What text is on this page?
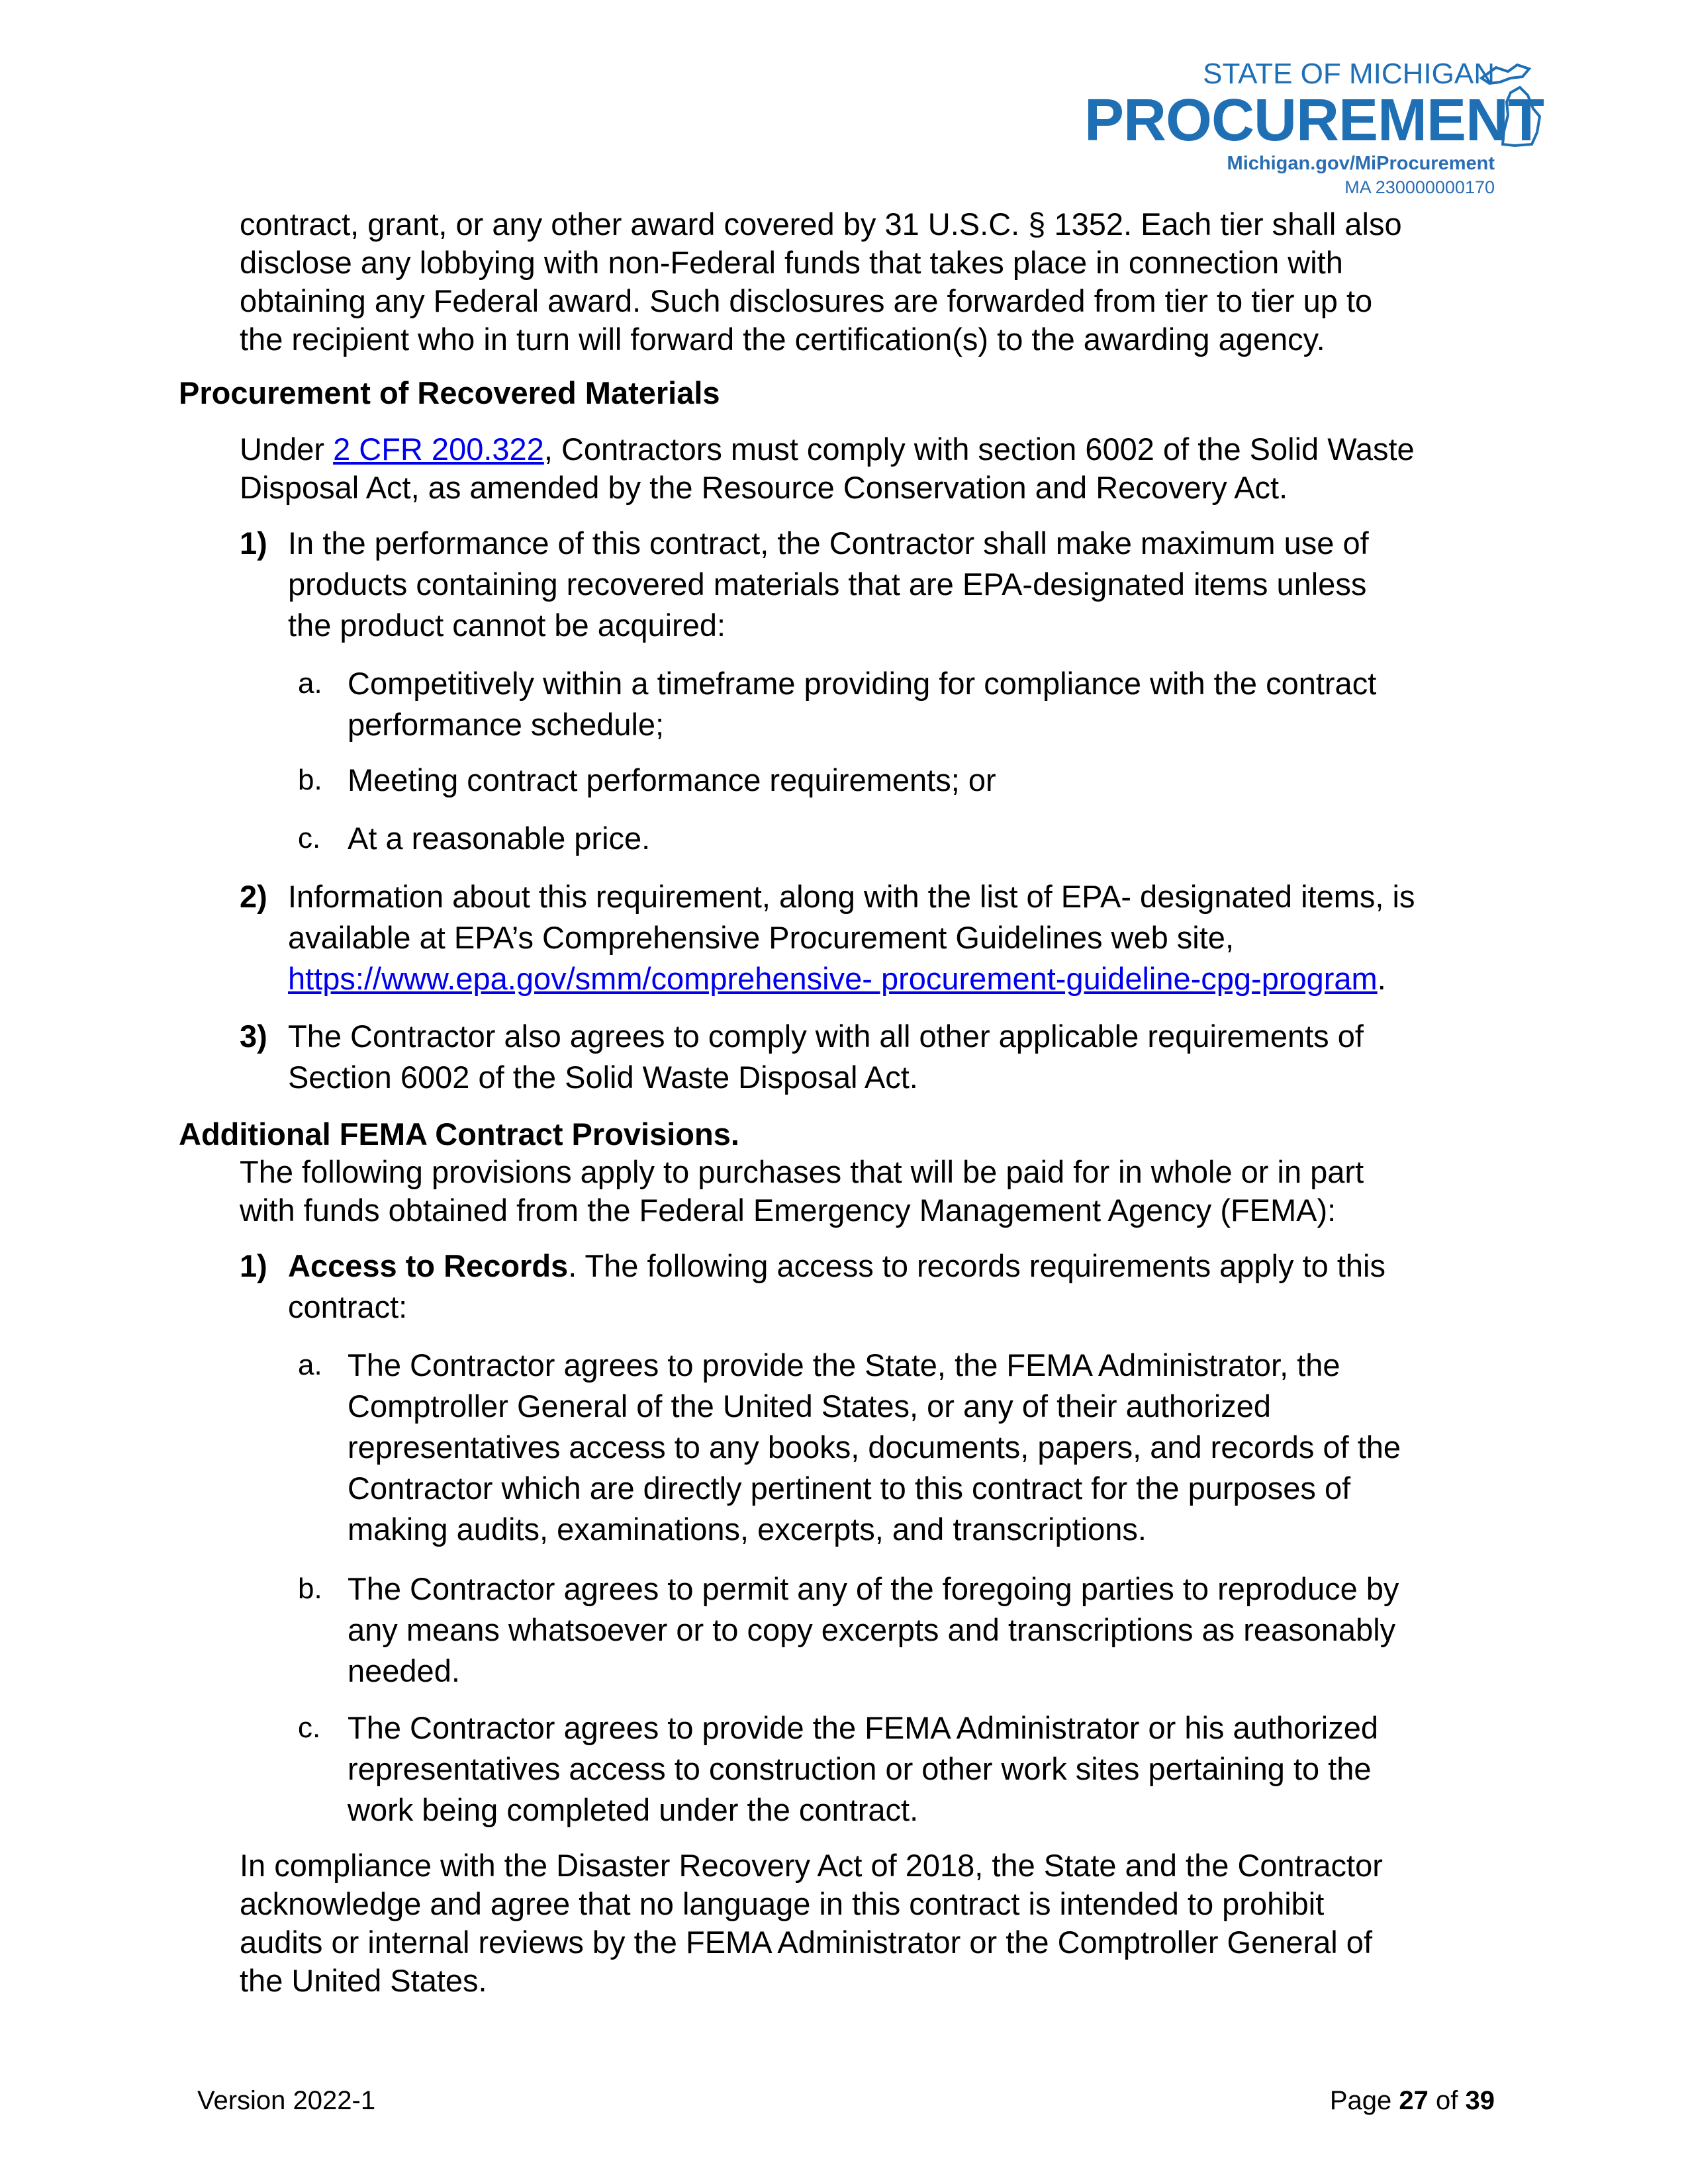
STATE OF MICHIGAN
PROCUREMENT
Michigan.gov/MiProcurement
MA 230000000170
contract, grant, or any other award covered by 31 U.S.C. § 1352. Each tier shall also
disclose any lobbying with non-Federal funds that takes place in connection with
obtaining any Federal award. Such disclosures are forwarded from tier to tier up to
the recipient who in turn will forward the certification(s) to the awarding agency.
Procurement of Recovered Materials
Under 2 CFR 200.322, Contractors must comply with section 6002 of the Solid Waste
Disposal Act, as amended by the Resource Conservation and Recovery Act.
1) In the performance of this contract, the Contractor shall make maximum use of
products containing recovered materials that are EPA-designated items unless
the product cannot be acquired:
a. Competitively within a timeframe providing for compliance with the contract
performance schedule;
b. Meeting contract performance requirements; or
c. At a reasonable price.
2) Information about this requirement, along with the list of EPA- designated items, is
available at EPA’s Comprehensive Procurement Guidelines web site,
https://www.epa.gov/smm/comprehensive- procurement-guideline-cpg-program.
3) The Contractor also agrees to comply with all other applicable requirements of
Section 6002 of the Solid Waste Disposal Act.
Additional FEMA Contract Provisions.
The following provisions apply to purchases that will be paid for in whole or in part
with funds obtained from the Federal Emergency Management Agency (FEMA):
1) Access to Records. The following access to records requirements apply to this
contract:
a. The Contractor agrees to provide the State, the FEMA Administrator, the
Comptroller General of the United States, or any of their authorized
representatives access to any books, documents, papers, and records of the
Contractor which are directly pertinent to this contract for the purposes of
making audits, examinations, excerpts, and transcriptions.
b. The Contractor agrees to permit any of the foregoing parties to reproduce by
any means whatsoever or to copy excerpts and transcriptions as reasonably
needed.
c. The Contractor agrees to provide the FEMA Administrator or his authorized
representatives access to construction or other work sites pertaining to the
work being completed under the contract.
In compliance with the Disaster Recovery Act of 2018, the State and the Contractor
acknowledge and agree that no language in this contract is intended to prohibit
audits or internal reviews by the FEMA Administrator or the Comptroller General of
the United States.
Version 2022-1	Page 27 of 39
